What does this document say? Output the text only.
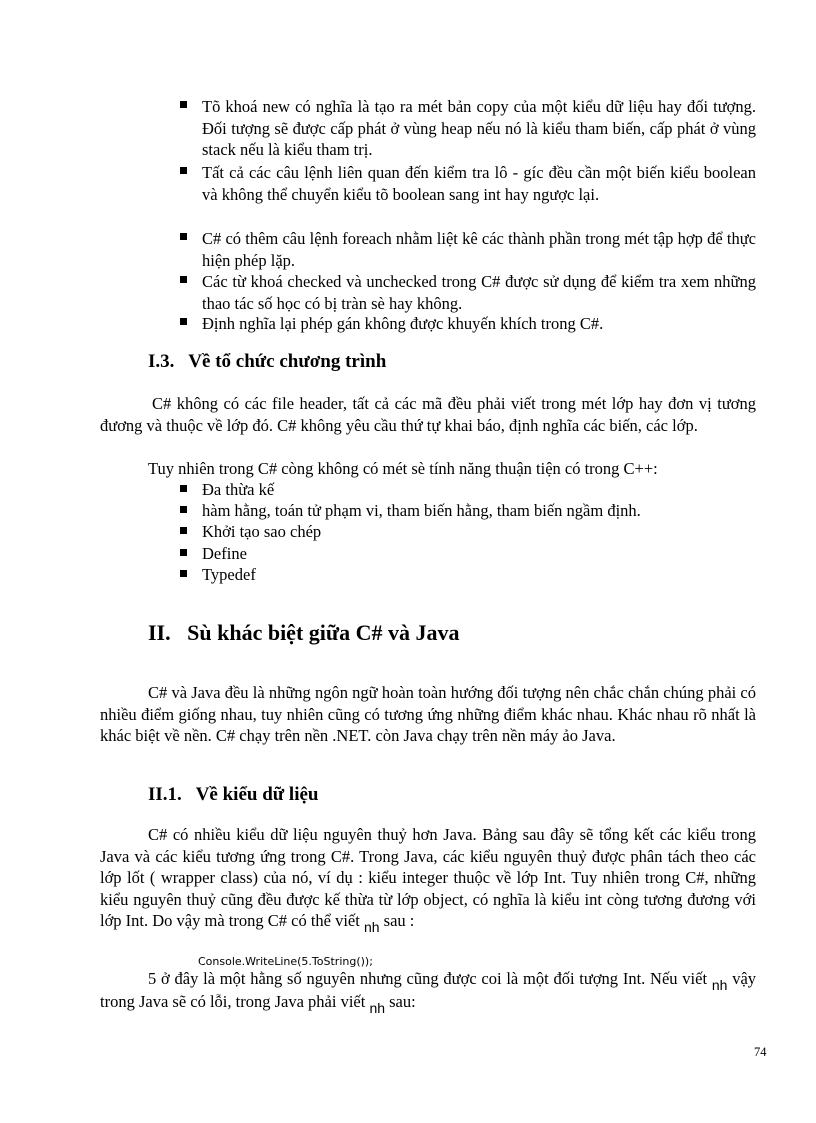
Tõ khoá new có nghĩa là tạo ra mét bản copy của một kiểu dữ liệu hay đối tượng. Đối tượng sẽ được cấp phát ở vùng heap nếu nó là kiểu tham biến, cấp phát ở vùng stack nếu là kiểu tham trị.
Tất cả các câu lệnh liên quan đến kiểm tra lô - gíc đều cần một biến kiểu boolean và không thể chuyển kiểu tõ boolean sang int hay ngược lại.
C# có thêm câu lệnh foreach nhằm liệt kê các thành phần trong mét tập hợp để thực hiện phép lặp.
Các từ khoá checked và unchecked trong C# được sử dụng để kiểm tra xem những thao tác số học có bị tràn sè hay không.
Định nghĩa lại phép gán không được khuyến khích trong C#.
I.3.   Về tổ chức chương trình
C# không có các file header, tất cả các mã đều phải viết trong mét lớp hay đơn vị tương đương và thuộc về lớp đó. C# không yêu cầu thứ tự khai báo, định nghĩa các biến, các lớp.
Tuy nhiên trong C# còng không có mét sè tính năng thuận tiện có trong C++:
Đa thừa kế
hàm hằng, toán tử phạm vi, tham biến hằng, tham biến ngầm định.
Khởi tạo sao chép
Define
Typedef
II.   Sù khác biệt giữa C# và Java
C# và Java đều là những ngôn ngữ hoàn toàn hướng đối tượng nên chắc chắn chúng phải có nhiều điểm giống nhau, tuy nhiên cũng có tương ứng những điểm khác nhau. Khác nhau rõ nhất là khác biệt về nền. C# chạy trên nền .NET. còn Java chạy trên nền máy ảo Java.
II.1.   Về kiểu dữ liệu
C# có nhiều kiểu dữ liệu nguyên thuỷ hơn Java. Bảng sau đây sẽ tổng kết các kiểu trong Java và các kiểu tương ứng trong C#. Trong Java, các kiểu nguyên thuỷ được phân tách theo các lớp lốt ( wrapper class) của nó, ví dụ : kiểu integer thuộc về lớp Int. Tuy nhiên trong C#, những kiểu nguyên thuỷ cũng đều được kế thừa từ lớp object, có nghĩa là kiểu int còng tương đương với lớp Int. Do vậy mà trong C# có thể viết $_{nh}$ sau :
Console.WriteLine(5.ToString());
5 ở đây là một hằng số nguyên nhưng cũng được coi là một đối tượng Int. Nếu viết $_{nh}$ vậy trong Java sẽ có lỗi, trong Java phải viết $_{nh}$ sau:
74
